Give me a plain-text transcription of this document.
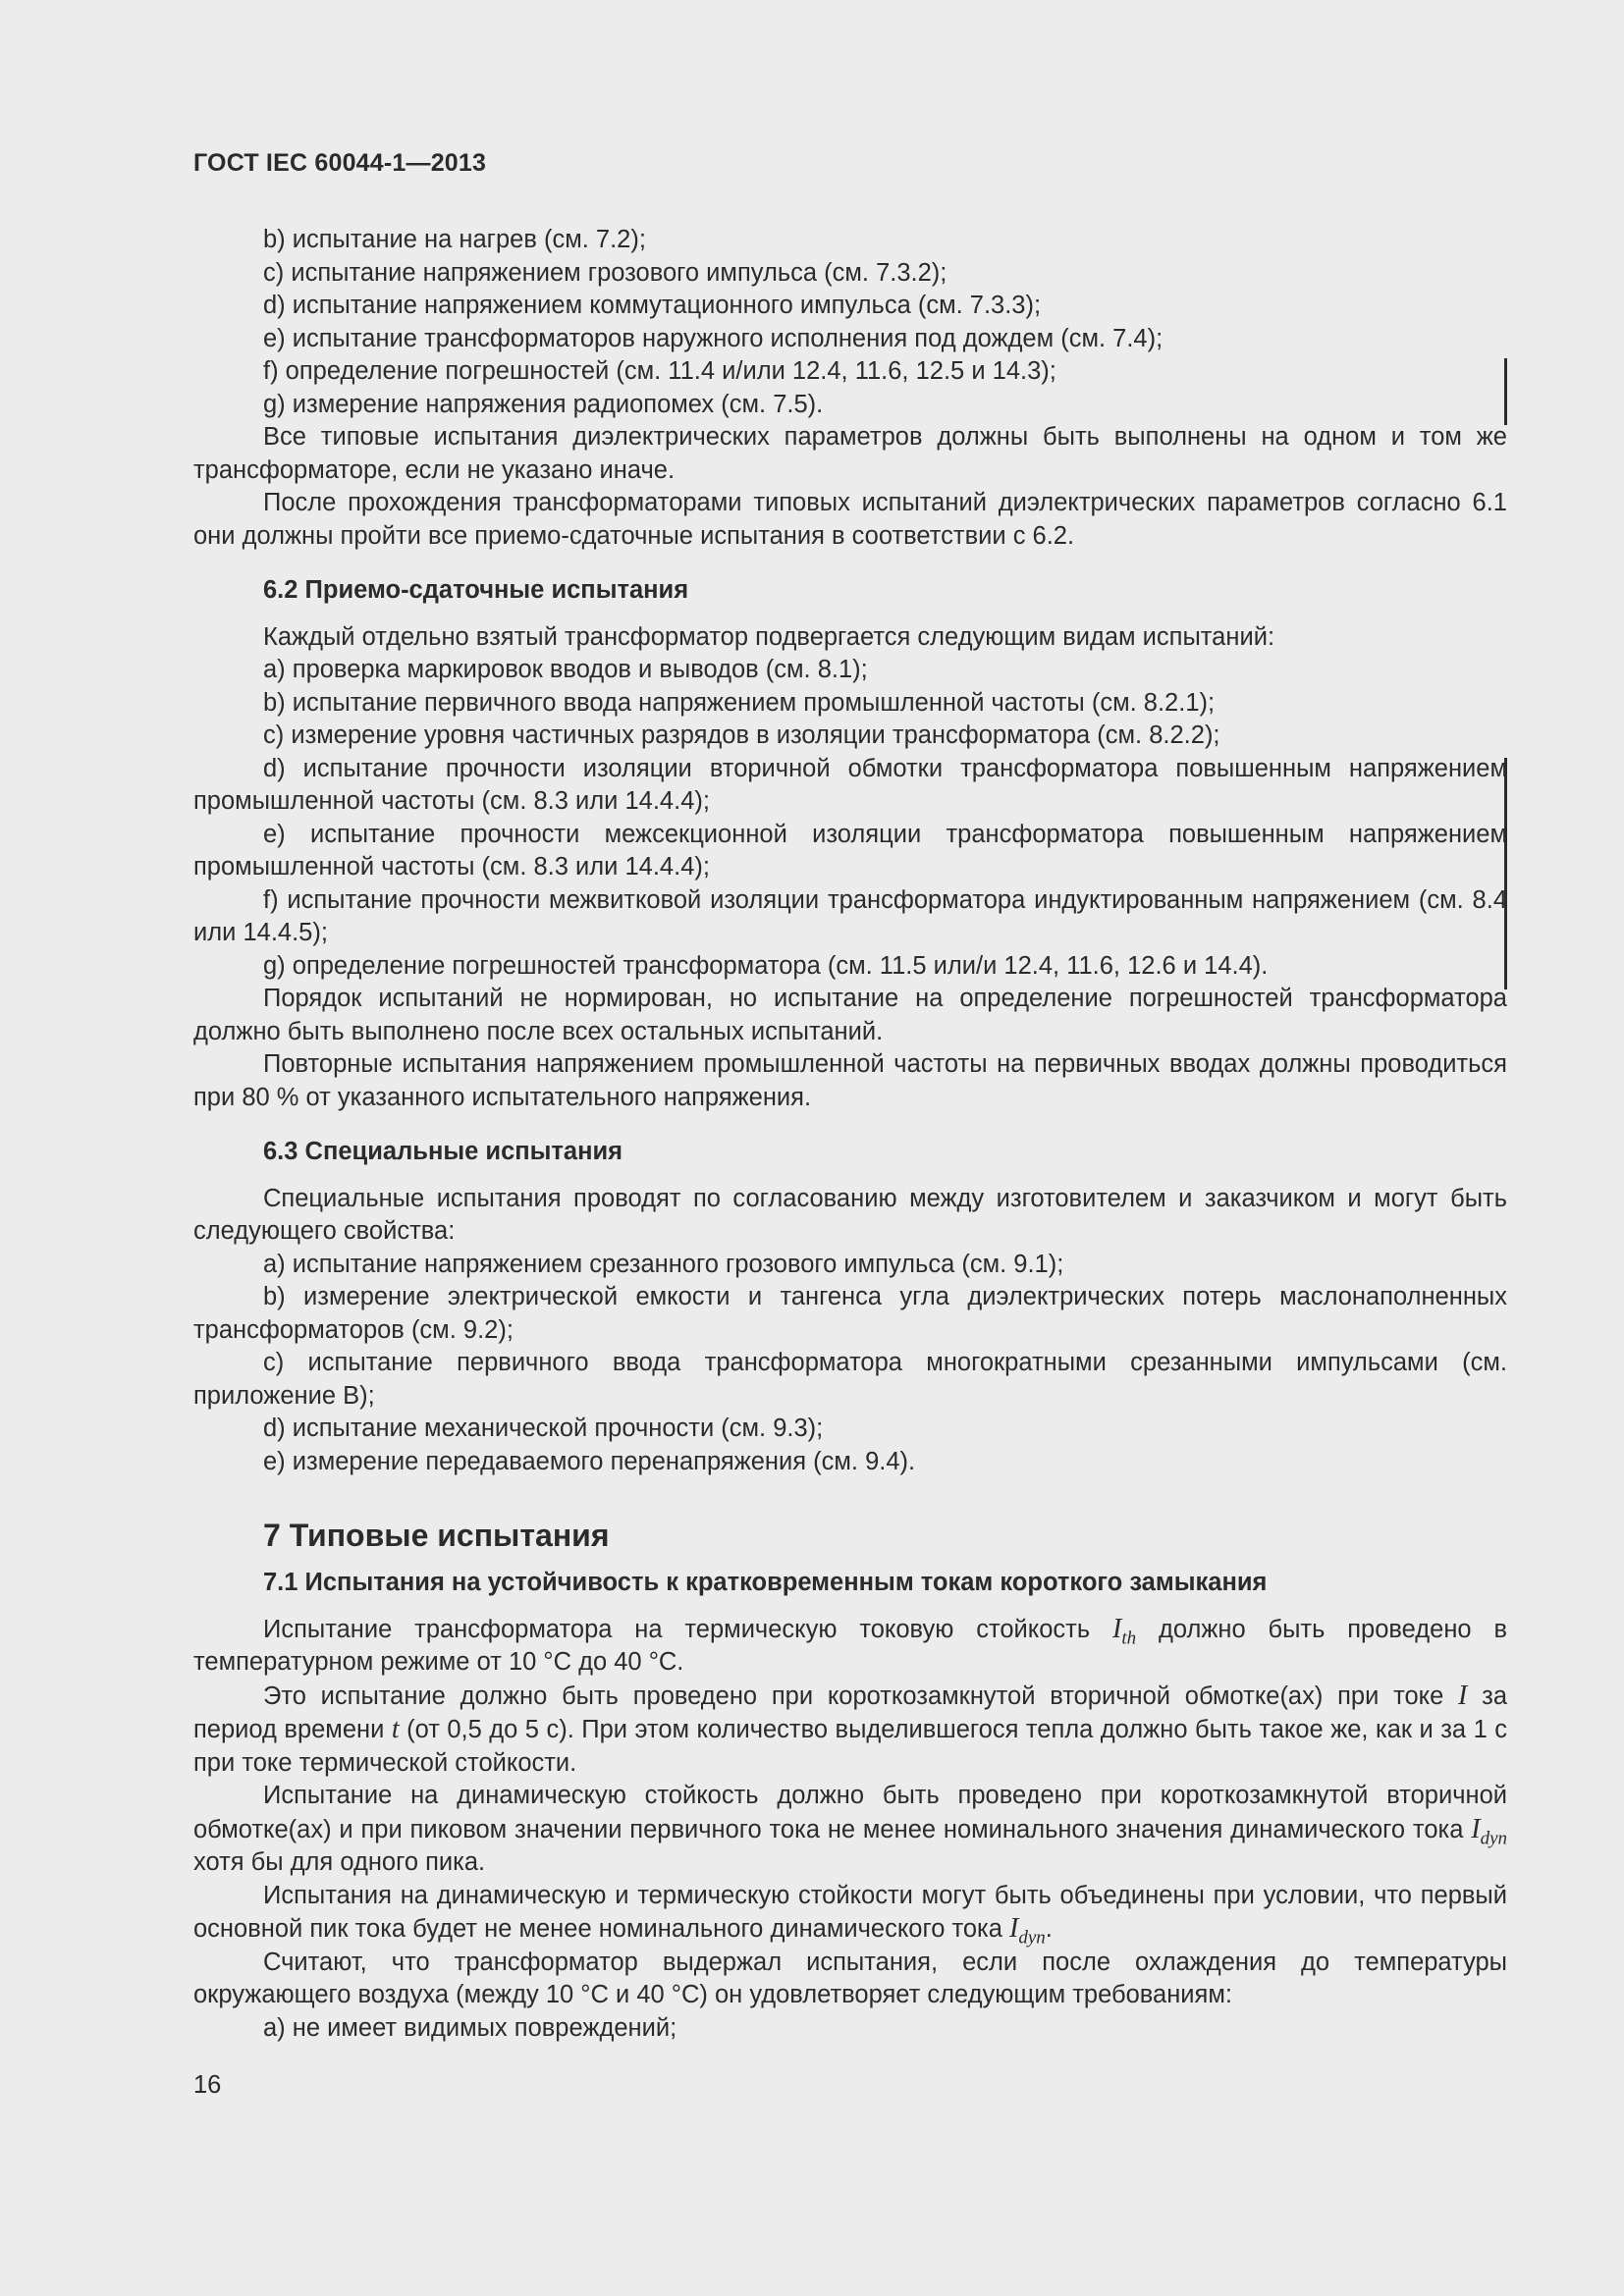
ГОСТ IEC 60044-1—2013

b) испытание на нагрев (см. 7.2);

c) испытание напряжением грозового импульса (см. 7.3.2);

d) испытание напряжением коммутационного импульса (см. 7.3.3);

e) испытание трансформаторов наружного исполнения под дождем (см. 7.4);

f) определение погрешностей (см. 11.4 и/или 12.4, 11.6, 12.5 и 14.3);

g) измерение напряжения радиопомех (см. 7.5).

Все типовые испытания диэлектрических параметров должны быть выполнены на одном и том же трансформаторе, если не указано иначе.

После прохождения трансформаторами типовых испытаний диэлектрических параметров согласно 6.1 они должны пройти все приемо-сдаточные испытания в соответствии с 6.2.

6.2 Приемо-сдаточные испытания

Каждый отдельно взятый трансформатор подвергается следующим видам испытаний:

a) проверка маркировок вводов и выводов (см. 8.1);

b) испытание первичного ввода напряжением промышленной частоты (см. 8.2.1);

c) измерение уровня частичных разрядов в изоляции трансформатора (см. 8.2.2);

d) испытание прочности изоляции вторичной обмотки трансформатора повышенным напряжением промышленной частоты (см. 8.3 или 14.4.4);

e) испытание прочности межсекционной изоляции трансформатора повышенным напряжением промышленной частоты (см. 8.3 или 14.4.4);

f) испытание прочности межвитковой изоляции трансформатора индуктированным напряжением (см. 8.4 или 14.4.5);

g) определение погрешностей трансформатора (см. 11.5 или/и 12.4, 11.6, 12.6 и 14.4).

Порядок испытаний не нормирован, но испытание на определение погрешностей трансформатора должно быть выполнено после всех остальных испытаний.

Повторные испытания напряжением промышленной частоты на первичных вводах должны проводиться при 80 % от указанного испытательного напряжения.

6.3 Специальные испытания

Специальные испытания проводят по согласованию между изготовителем и заказчиком и могут быть следующего свойства:

a) испытание напряжением срезанного грозового импульса (см. 9.1);

b) измерение электрической емкости и тангенса угла диэлектрических потерь маслонаполненных трансформаторов (см. 9.2);

c) испытание первичного ввода трансформатора многократными срезанными импульсами (см. приложение В);

d) испытание механической прочности (см. 9.3);

e) измерение передаваемого перенапряжения (см. 9.4).

7 Типовые испытания

7.1 Испытания на устойчивость к кратковременным токам короткого замыкания

Испытание трансформатора на термическую токовую стойкость $I_{th}$ должно быть проведено в температурном режиме от 10 °С до 40 °С.

Это испытание должно быть проведено при короткозамкнутой вторичной обмотке(ах) при токе I за период времени t (от 0,5 до 5 с). При этом количество выделившегося тепла должно быть такое же, как и за 1 с при токе термической стойкости.

Испытание на динамическую стойкость должно быть проведено при короткозамкнутой вторичной обмотке(ах) и при пиковом значении первичного тока не менее номинального значения динамического тока $I_{dyn}$ хотя бы для одного пика.

Испытания на динамическую и термическую стойкости могут быть объединены при условии, что первый основной пик тока будет не менее номинального динамического тока $I_{dyn}$.

Считают, что трансформатор выдержал испытания, если после охлаждения до температуры окружающего воздуха (между 10 °С и 40 °С) он удовлетворяет следующим требованиям:

a) не имеет видимых повреждений;

16
